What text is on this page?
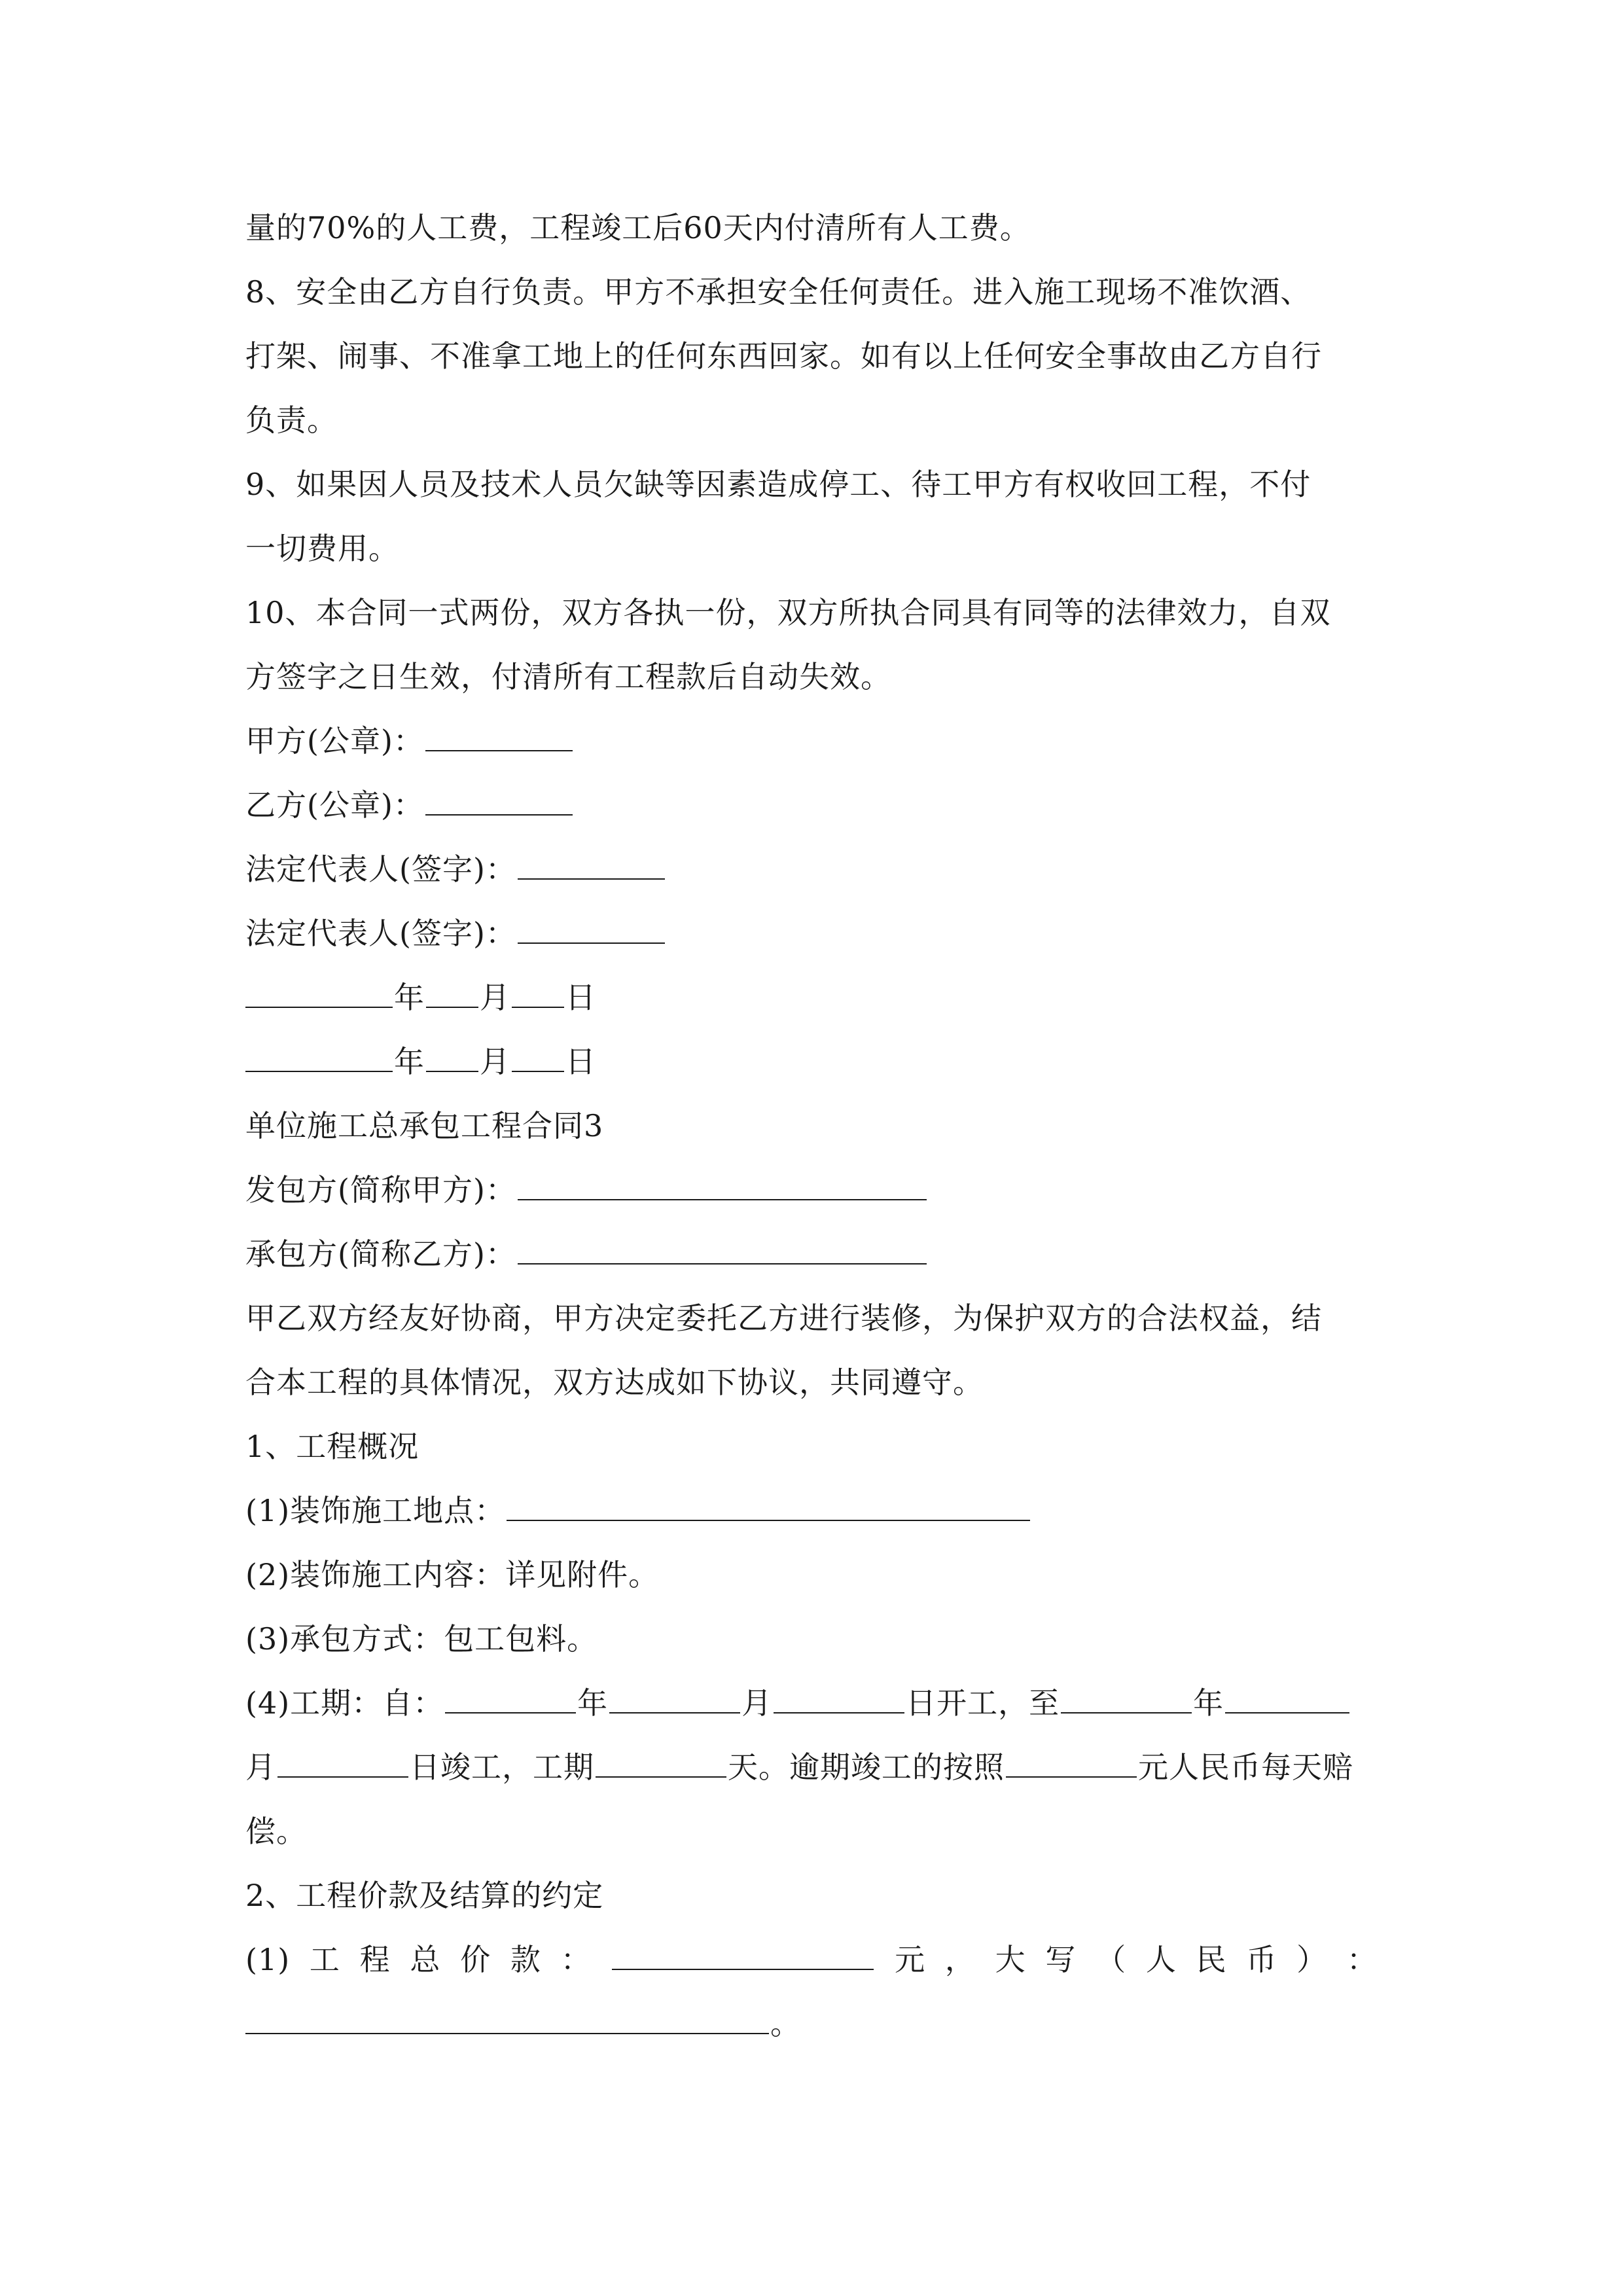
量的70%的人工费，工程竣工后60天内付清所有人工费。
8、安全由乙方自行负责。甲方不承担安全任何责任。进入施工现场不准饮酒、
打架、闹事、不准拿工地上的任何东西回家。如有以上任何安全事故由乙方自行
负责。
9、如果因人员及技术人员欠缺等因素造成停工、待工甲方有权收回工程，不付
一切费用。
10、本合同一式两份，双方各执一份，双方所执合同具有同等的法律效力，自双
方签字之日生效，付清所有工程款后自动失效。
甲方(公章)：
乙方(公章)：
法定代表人(签字)：
法定代表人(签字)：
年 月 日
年 月 日
单位施工总承包工程合同3
发包方(简称甲方)：
承包方(简称乙方)：
甲乙双方经友好协商，甲方决定委托乙方进行装修，为保护双方的合法权益，结
合本工程的具体情况，双方达成如下协议，共同遵守。
1、工程概况
(1)装饰施工地点：
(2)装饰施工内容：详见附件。
(3)承包方式：包工包料。
(4)工期：自：	年	月	日开工，至	年
月	日竣工，工期	天。逾期竣工的按照	元人民币每天赔
偿。
2、工程价款及结算的约定
(1) 工 程 总 价 款 ：	元 ， 大 写 （ 人 民 币 ） ：
。
